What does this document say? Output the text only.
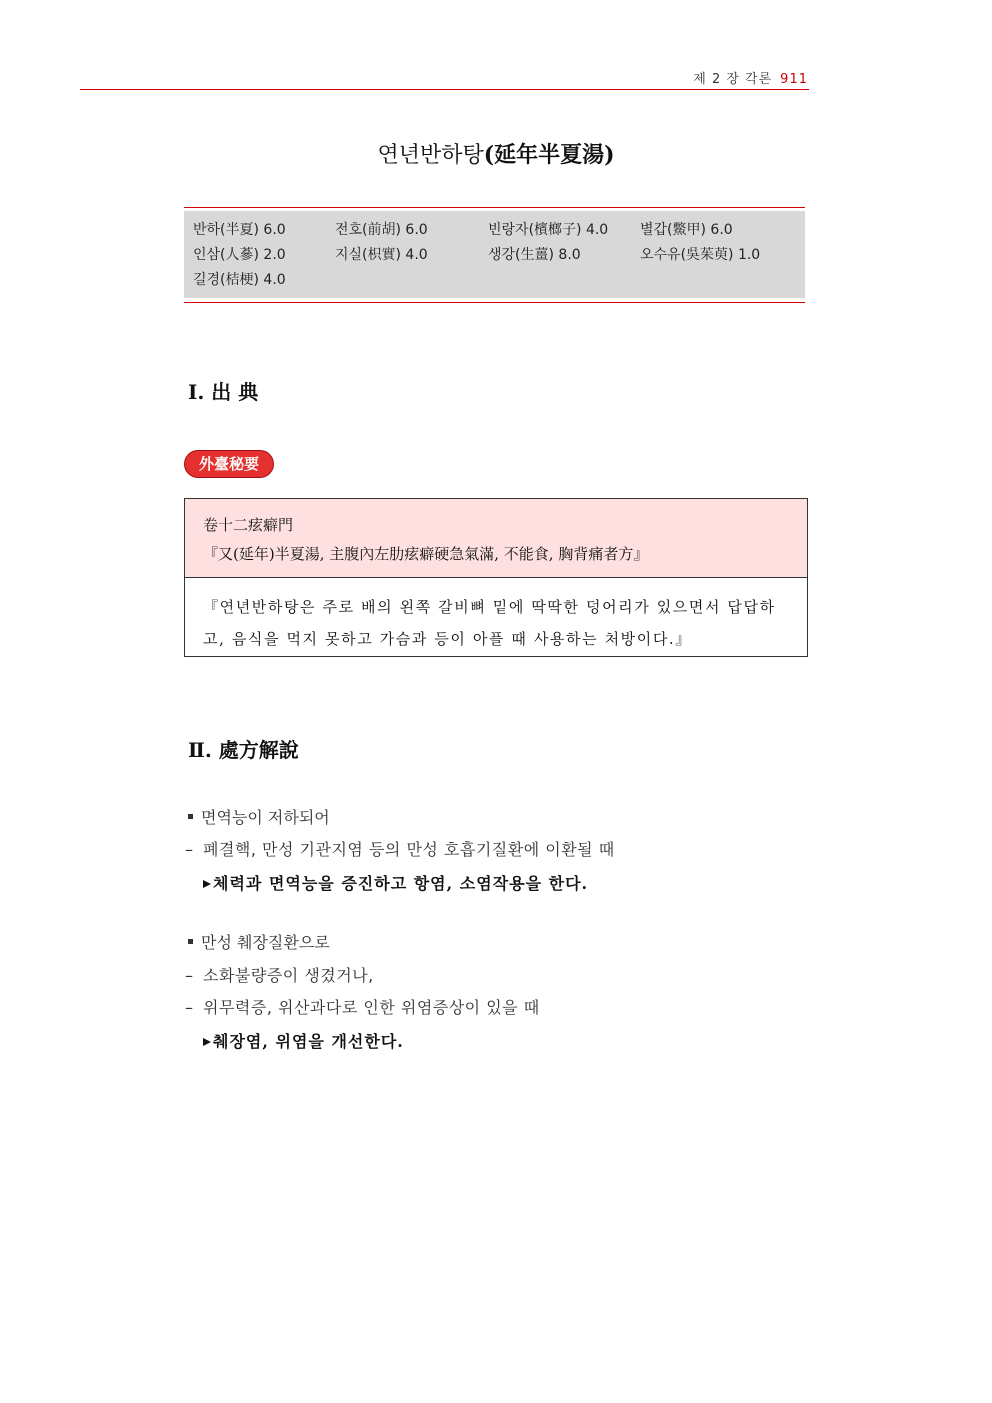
제 2 장 각론 911
연년반하탕(延年半夏湯)
반하(半夏) 6.0	전호(前胡) 6.0	빈랑자(檳榔子) 4.0	별갑(鱉甲) 6.0
인삼(人蔘) 2.0	지실(枳實) 4.0	생강(生薑) 8.0	오수유(吳茱萸) 1.0
길경(桔梗) 4.0
Ⅰ. 出 典
外臺秘要
卷十二痃癖門
『又(延年)半夏湯, 主腹內左肋痃癖硬急氣滿, 不能食, 胸背痛者方』
『연년반하탕은 주로 배의 왼쪽 갈비뼈 밑에 딱딱한 덩어리가 있으면서 답답하고, 음식을 먹지 못하고 가슴과 등이 아플 때 사용하는 처방이다.』
Ⅱ. 處方解說
면역능이 저하되어
– 폐결핵, 만성 기관지염 등의 만성 호흡기질환에 이환될 때
체력과 면역능을 증진하고 항염, 소염작용을 한다.
만성 췌장질환으로
– 소화불량증이 생겼거나,
– 위무력증, 위산과다로 인한 위염증상이 있을 때
췌장염, 위염을 개선한다.
